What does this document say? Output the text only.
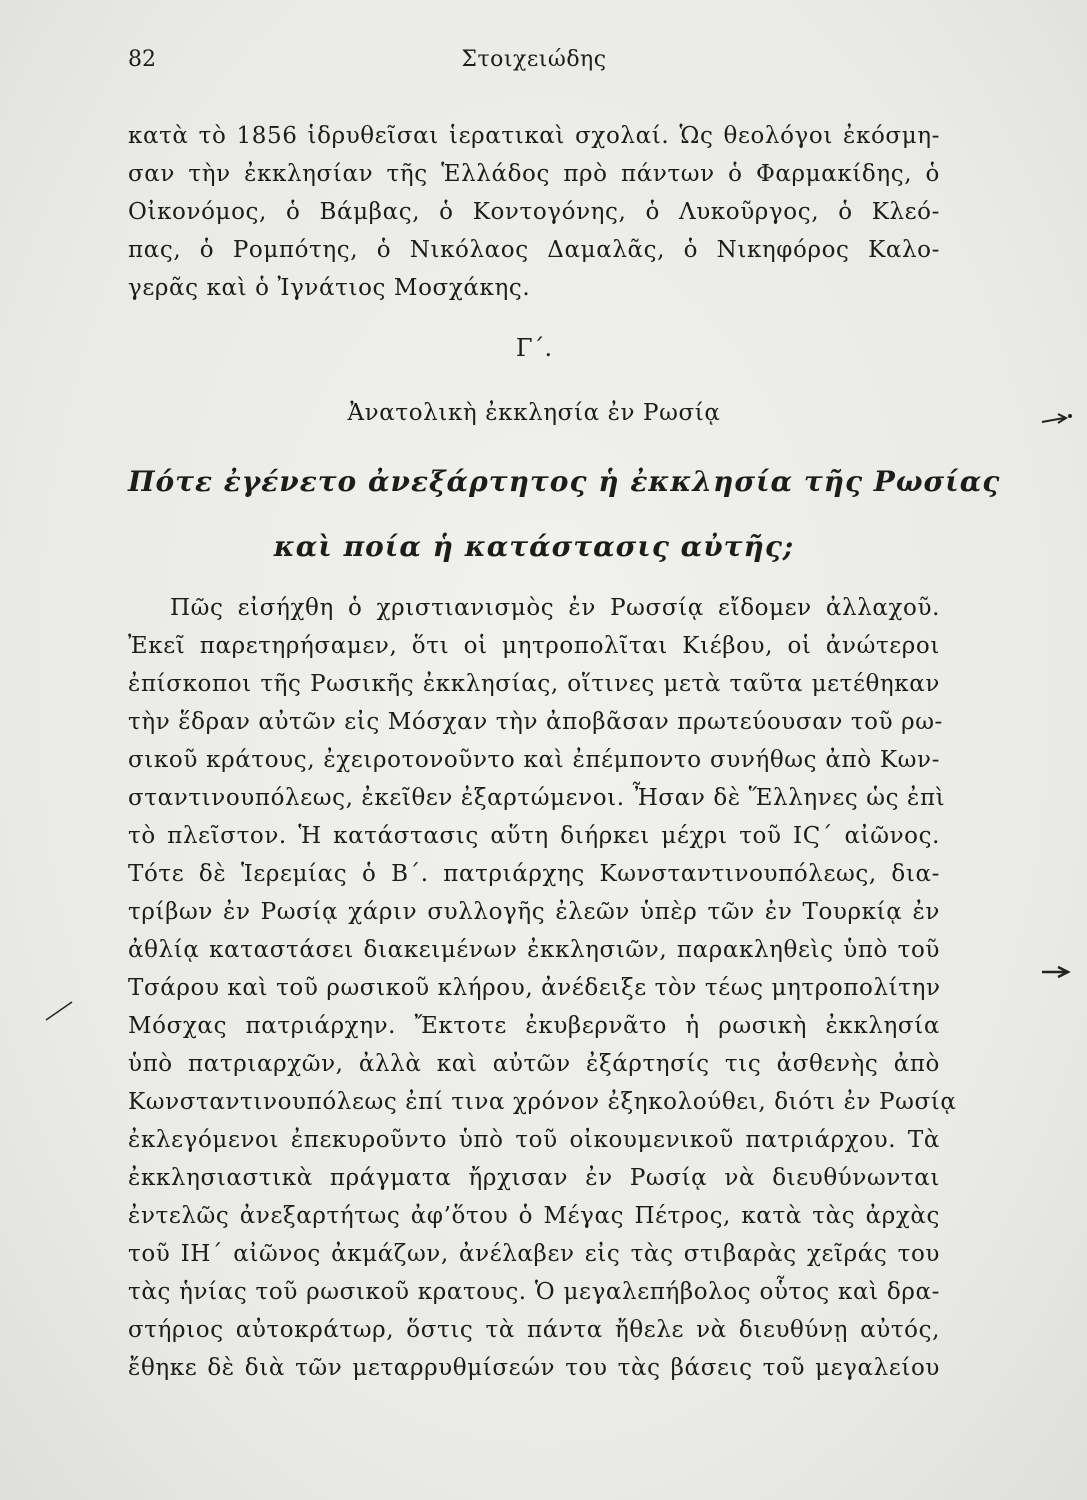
82	Στοιχειώδης
κατὰ τὸ 1856 ἱδρυθεῖσαι ἱερατικαὶ σχολαί. Ὡς θεολόγοι ἐκόσμη-
σαν τὴν ἐκκλησίαν τῆς Ἑλλάδος πρὸ πάντων ὁ Φαρμακίδης, ὁ
Οἰκονόμος, ὁ Βάμβας, ὁ Κοντογόνης, ὁ Λυκοῦργος, ὁ Κλεό-
πας, ὁ Ρομπότης, ὁ Νικόλαος Δαμαλᾶς, ὁ Νικηφόρος Καλο-
γερᾶς καὶ ὁ Ἰγνάτιος Μοσχάκης.
Γ΄.
Ἀνατολικὴ ἐκκλησία ἐν Ρωσίᾳ
Πότε ἐγένετο ἀνεξάρτητος ἡ ἐκκλησία τῆς Ρωσίας
καὶ ποία ἡ κατάστασις αὐτῆς;
Πῶς εἰσήχθη ὁ χριστιανισμὸς ἐν Ρωσσίᾳ εἴδομεν ἀλλαχοῦ.
Ἐκεῖ παρετηρήσαμεν, ὅτι οἱ μητροπολῖται Κιέβου, οἱ ἀνώτεροι
ἐπίσκοποι τῆς Ρωσικῆς ἐκκλησίας, οἵτινες μετὰ ταῦτα μετέθηκαν
τὴν ἕδραν αὐτῶν εἰς Μόσχαν τὴν ἀποβᾶσαν πρωτεύουσαν τοῦ ρω-
σικοῦ κράτους, ἐχειροτονοῦντο καὶ ἐπέμποντο συνήθως ἀπὸ Κων-
σταντινουπόλεως, ἐκεῖθεν ἐξαρτώμενοι. Ἦσαν δὲ Ἕλληνες ὡς ἐπὶ
τὸ πλεῖστον. Ἡ κατάστασις αὕτη διήρκει μέχρι τοῦ ΙϚ΄ αἰῶνος.
Τότε δὲ Ἱερεμίας ὁ Β΄. πατριάρχης Κωνσταντινουπόλεως, δια-
τρίβων ἐν Ρωσίᾳ χάριν συλλογῆς ἐλεῶν ὑπὲρ τῶν ἐν Τουρκίᾳ ἐν
ἀθλίᾳ καταστάσει διακειμένων ἐκκλησιῶν, παρακληθεὶς ὑπὸ τοῦ
Τσάρου καὶ τοῦ ρωσικοῦ κλήρου, ἀνέδειξε τὸν τέως μητροπολίτην
Μόσχας πατριάρχην. Ἔκτοτε ἐκυβερνᾶτο ἡ ρωσικὴ ἐκκλησία
ὑπὸ πατριαρχῶν, ἀλλὰ καὶ αὐτῶν ἐξάρτησίς τις ἀσθενὴς ἀπὸ
Κωνσταντινουπόλεως ἐπί τινα χρόνον ἐξηκολούθει, διότι ἐν Ρωσίᾳ
ἐκλεγόμενοι ἐπεκυροῦντο ὑπὸ τοῦ οἰκουμενικοῦ πατριάρχου. Τὰ
ἐκκλησιαστικὰ πράγματα ἤρχισαν ἐν Ρωσίᾳ νὰ διευθύνωνται
ἐντελῶς ἀνεξαρτήτως ἀφ’ὅτου ὁ Μέγας Πέτρος, κατὰ τὰς ἀρχὰς
τοῦ ΙΗ΄ αἰῶνος ἀκμάζων, ἀνέλαβεν εἰς τὰς στιβαρὰς χεῖράς του
τὰς ἡνίας τοῦ ρωσικοῦ κρατους. Ὁ μεγαλεπήβολος οὗτος καὶ δρα-
στήριος αὐτοκράτωρ, ὅστις τὰ πάντα ἤθελε νὰ διευθύνῃ αὐτός,
ἔθηκε δὲ διὰ τῶν μεταρρυθμίσεών του τὰς βάσεις τοῦ μεγαλείου
